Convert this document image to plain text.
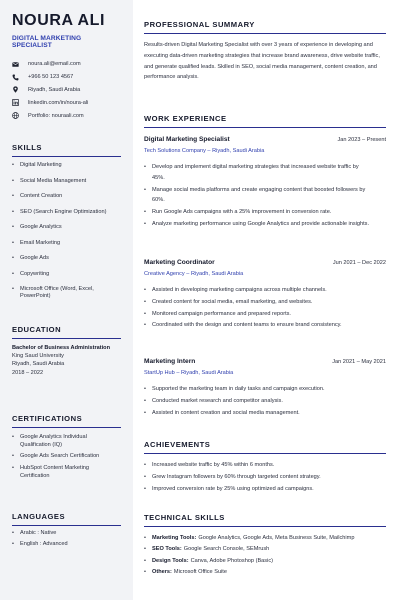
NOURA ALI
DIGITAL MARKETING SPECIALIST
noura.ali@email.com
+966 50 123 4567
Riyadh, Saudi Arabia
linkedin.com/in/noura-ali
Portfolio: nouraali.com
SKILLS
•	Digital Marketing
•	Social Media Management
•	Content Creation
•	SEO (Search Engine Optimization)
•	Google Analytics
•	Email Marketing
•	Google Ads
•	Copywriting
•	Microsoft Office (Word, Excel, PowerPoint)
EDUCATION
Bachelor of Business Administration
King Saud University
Riyadh, Saudi Arabia
2018 – 2022
CERTIFICATIONS
•	Google Analytics Individual Qualification (IQ)
•	Google Ads Search Certification
•	HubSpot Content Marketing Certification
LANGUAGES
•	Arabic : Native
•	English : Advanced
PROFESSIONAL SUMMARY

Results-driven Digital Marketing Specialist with over 3 years of experience in developing and executing data-driven marketing strategies that increase brand awareness, drive website traffic, and generate qualified leads. Skilled in SEO, social media management, content creation, and performance analysis.

WORK EXPERIENCE
Digital Marketing Specialist	Jan 2023 – Present
Tech Solutions Company – Riyadh, Saudi Arabia
•	Develop and implement digital marketing strategies that increased website traffic by 45%.
•	Manage social media platforms and create engaging content that boosted followers by 60%.
•	Run Google Ads campaigns with a 25% improvement in conversion rate.
•	Analyze marketing performance using Google Analytics and provide actionable insights.
Marketing Coordinator	Jun 2021 – Dec 2022
Creative Agency – Riyadh, Saudi Arabia
•	Assisted in developing marketing campaigns across multiple channels.
•	Created content for social media, email marketing, and websites.
•	Monitored campaign performance and prepared reports.
•	Coordinated with the design and content teams to ensure brand consistency.
Marketing Intern	Jan 2021 – May 2021
StartUp Hub – Riyadh, Saudi Arabia
•	Supported the marketing team in daily tasks and campaign execution.
•	Conducted market research and competitor analysis.
•	Assisted in content creation and social media management.
ACHIEVEMENTS
•	Increased website traffic by 45% within 6 months.
•	Grew Instagram followers by 60% through targeted content strategy.
•	Improved conversion rate by 25% using optimized ad campaigns.
TECHNICAL SKILLS
•	Marketing Tools: Google Analytics, Google Ads, Meta Business Suite, Mailchimp
•	SEO Tools: Google Search Console, SEMrush
•	Design Tools: Canva, Adobe Photoshop (Basic)
•	Others: Microsoft Office Suite
